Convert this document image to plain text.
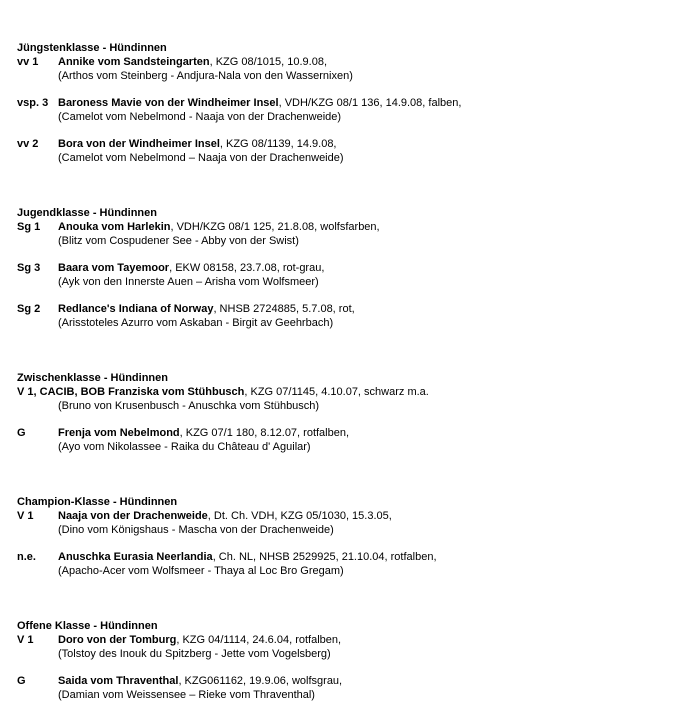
Jüngstenklasse - Hündinnen
vv 1 Annike vom Sandsteingarten, KZG 08/1015, 10.9.08,
(Arthos vom Steinberg - Andjura-Nala von den Wassernixen)
vsp. 3 Baroness Mavie von der Windheimer Insel, VDH/KZG 08/1 136, 14.9.08, falben,
(Camelot vom Nebelmond - Naaja von der Drachenweide)
vv 2 Bora von der Windheimer Insel, KZG 08/1139, 14.9.08,
(Camelot vom Nebelmond – Naaja von der Drachenweide)
Jugendklasse - Hündinnen
Sg 1 Anouka vom Harlekin, VDH/KZG 08/1 125, 21.8.08, wolfsfarben,
(Blitz vom Cospudener See - Abby von der Swist)
Sg 3 Baara vom Tayemoor, EKW 08158, 23.7.08, rot-grau,
(Ayk von den Innerste Auen – Arisha vom Wolfsmeer)
Sg 2 Redlance's Indiana of Norway, NHSB 2724885, 5.7.08, rot,
(Arisstoteles Azurro vom Askaban - Birgit av Geehrbach)
Zwischenklasse - Hündinnen
V 1, CACIB, BOB Franziska vom Stühbusch, KZG 07/1145, 4.10.07, schwarz m.a.
(Bruno von Krusenbusch - Anuschka vom Stühbusch)
G	Frenja vom Nebelmond, KZG 07/1 180, 8.12.07, rotfalben,
(Ayo vom Nikolassee - Raika du Château d' Aguilar)
Champion-Klasse - Hündinnen
V 1 Naaja von der Drachenweide, Dt. Ch. VDH, KZG 05/1030, 15.3.05,
(Dino vom Königshaus - Mascha von der Drachenweide)
n.e. Anuschka Eurasia Neerlandia, Ch. NL, NHSB 2529925, 21.10.04, rotfalben,
(Apacho-Acer vom Wolfsmeer - Thaya al Loc Bro Gregam)
Offene Klasse - Hündinnen
V 1 Doro von der Tomburg, KZG 04/1114, 24.6.04, rotfalben,
(Tolstoy des Inouk du Spitzberg - Jette vom Vogelsberg)
G	Saida vom Thraventhal, KZG061162, 19.9.06, wolfsgrau,
(Damian vom Weissensee – Rieke vom Thraventhal)
